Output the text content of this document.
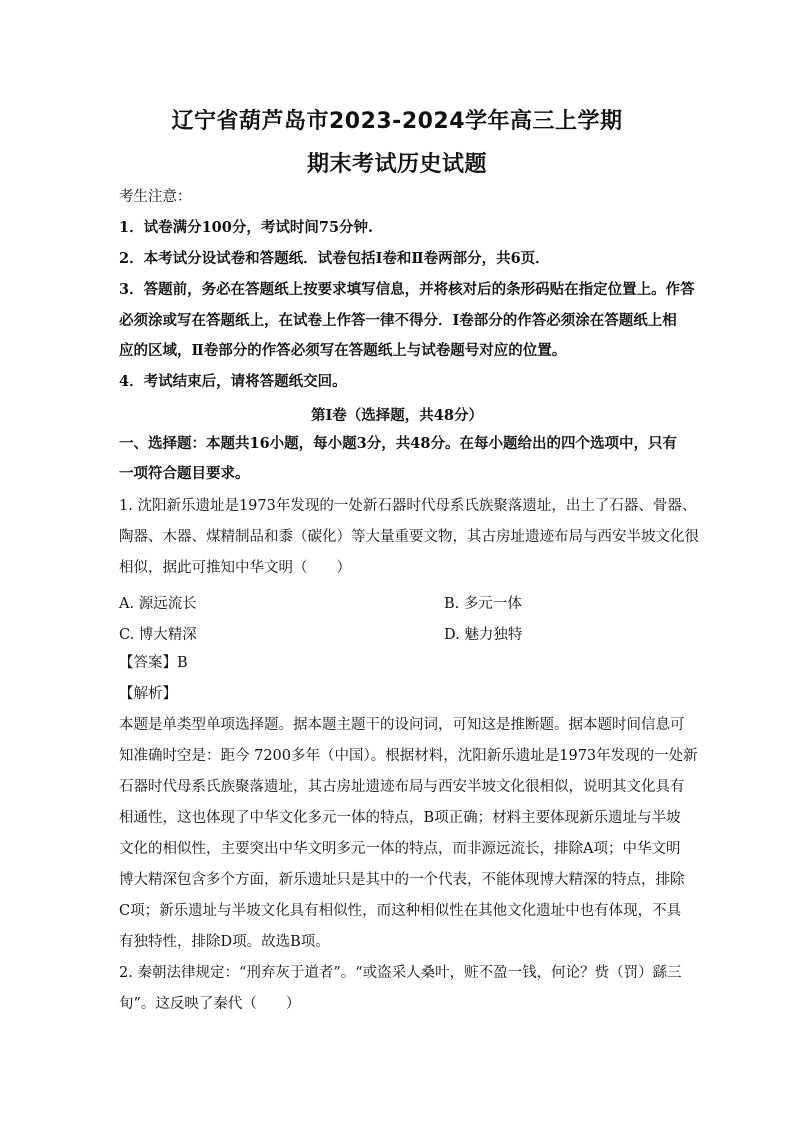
辽宁省葫芦岛市2023-2024学年高三上学期
期末考试历史试题
考生注意：
1．试卷满分100分，考试时间75分钟.
2．本考试分设试卷和答题纸．试卷包括Ⅰ卷和Ⅱ卷两部分，共6页．
3．答题前，务必在答题纸上按要求填写信息，并将核对后的条形码贴在指定位置上。作答
必须涂或写在答题纸上，在试卷上作答一律不得分．Ⅰ卷部分的作答必须涂在答题纸上相
应的区域，Ⅱ卷部分的作答必须写在答题纸上与试卷题号对应的位置。
4．考试结束后，请将答题纸交回。
第Ⅰ卷（选择题，共48分）
一、选择题：本题共16小题，每小题3分，共48分。在每小题给出的四个选项中，只有
一项符合题目要求。
1. 沈阳新乐遗址是1973年发现的一处新石器时代母系氏族聚落遗址，出土了石器、骨器、
陶器、木器、煤精制品和黍（碳化）等大量重要文物，其古房址遗迹布局与西安半坡文化很
相似，据此可推知中华文明（　　）
A. 源远流长	B. 多元一体
C. 博大精深	D. 魅力独特
【答案】B
【解析】
本题是单类型单项选择题。据本题主题干的设问词，可知这是推断题。据本题时间信息可
知准确时空是：距今 7200多年（中国）。根据材料，沈阳新乐遗址是1973年发现的一处新
石器时代母系氏族聚落遗址，其古房址遗迹布局与西安半坡文化很相似，说明其文化具有
相通性，这也体现了中华文化多元一体的特点，B项正确；材料主要体现新乐遗址与半坡
文化的相似性，主要突出中华文明多元一体的特点，而非源远流长，排除A项；中华文明
博大精深包含多个方面，新乐遗址只是其中的一个代表，不能体现博大精深的特点，排除
C项；新乐遗址与半坡文化具有相似性，而这种相似性在其他文化遗址中也有体现，不具
有独特性，排除D项。故选B项。
2. 秦朝法律规定：“刑弃灰于道者”。“或盗采人桑叶，赃不盈一钱，何论？赀（罚）繇三
旬”。这反映了秦代（　　）
